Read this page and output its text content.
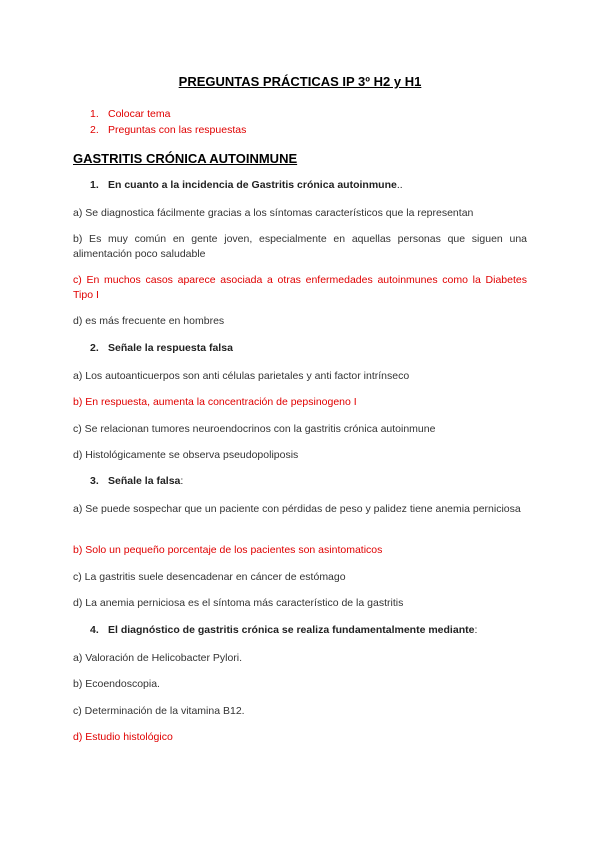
PREGUNTAS PRÁCTICAS IP 3º H2 y H1
1. Colocar tema
2. Preguntas con las respuestas
GASTRITIS CRÓNICA AUTOINMUNE
1. En cuanto a la incidencia de Gastritis crónica autoinmune..
a) Se diagnostica fácilmente gracias a los síntomas característicos que la representan
b) Es muy común en gente joven, especialmente en aquellas personas que siguen una alimentación poco saludable
c) En muchos casos aparece asociada a otras enfermedades autoinmunes como la Diabetes Tipo I
d) es más frecuente en hombres
2. Señale la respuesta falsa
a) Los autoanticuerpos son anti células parietales y anti factor intrínseco
b) En respuesta, aumenta la concentración de pepsinogeno I
c) Se relacionan tumores neuroendocrinos con la gastritis crónica autoinmune
d) Histológicamente se observa pseudopoliposis
3. Señale la falsa:
a) Se puede sospechar que un paciente con pérdidas de peso y palidez tiene anemia perniciosa
b) Solo un pequeño porcentaje de los pacientes son asintomaticos
c) La gastritis suele desencadenar en cáncer de estómago
d) La anemia perniciosa es el síntoma más característico de la gastritis
4. El diagnóstico de gastritis crónica se realiza fundamentalmente mediante:
a) Valoración de Helicobacter Pylori.
b) Ecoendoscopia.
c) Determinación de la vitamina B12.
d) Estudio histológico
